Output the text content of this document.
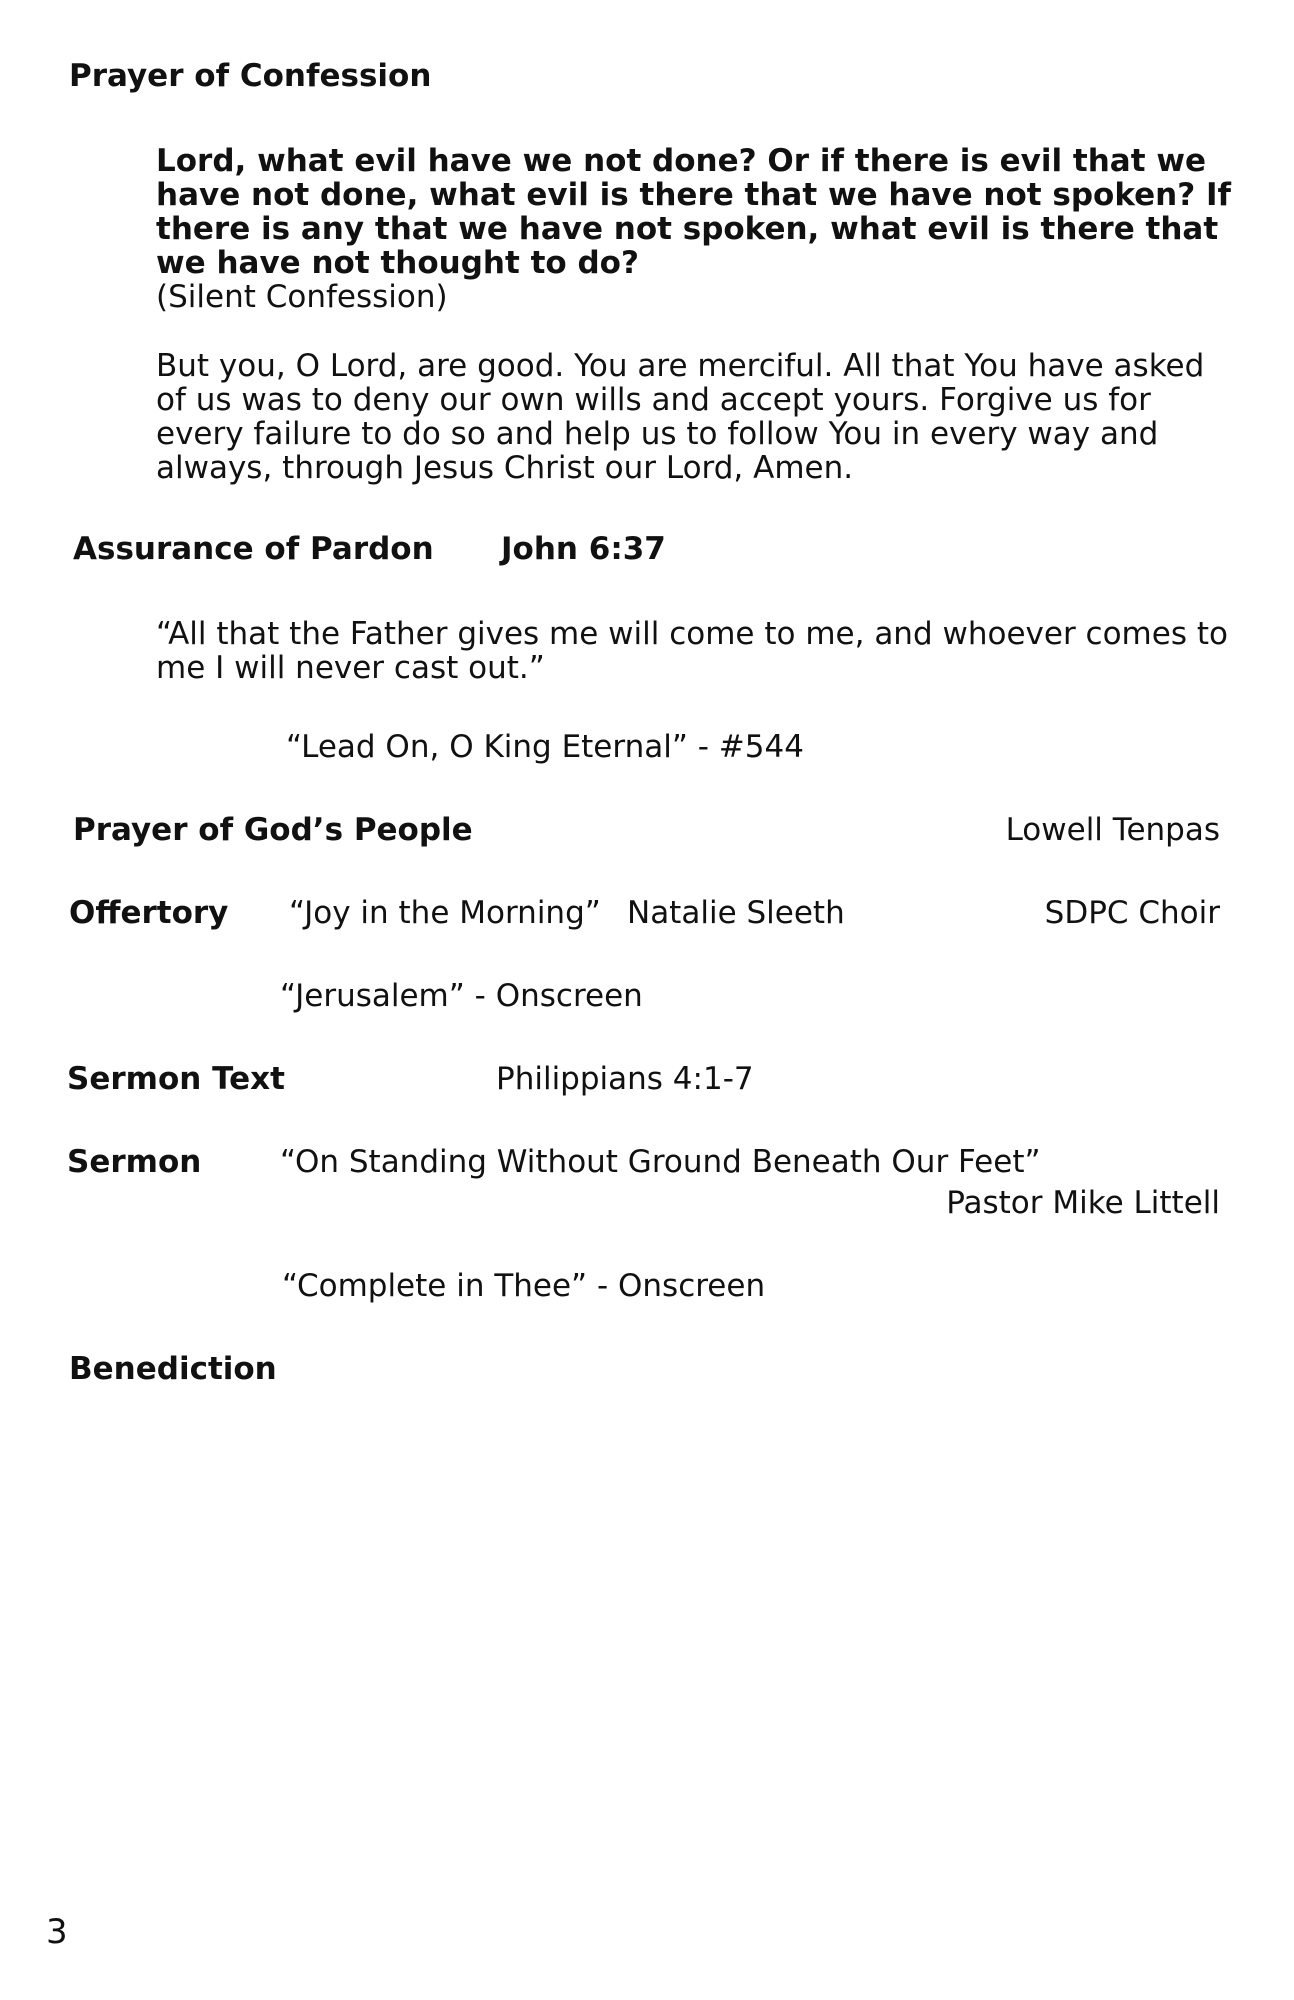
Prayer of Confession
Lord, what evil have we not done? Or if there is evil that we have not done, what evil is there that we have not spoken? If there is any that we have not spoken, what evil is there that we have not thought to do?
(Silent Confession)
But you, O Lord, are good. You are merciful. All that You have asked of us was to deny our own wills and accept yours. Forgive us for every failure to do so and help us to follow You in every way and always, through Jesus Christ our Lord, Amen.
Assurance of Pardon John 6:37
“All that the Father gives me will come to me, and whoever comes to me I will never cast out.”
“Lead On, O King Eternal” - #544
Prayer of God’s People	Lowell Tenpas
Offertory “Joy in the Morning” Natalie Sleeth	SDPC Choir
“Jerusalem” - Onscreen
Sermon Text	Philippians 4:1-7
Sermon	“On Standing Without Ground Beneath Our Feet”
Pastor Mike Littell
“Complete in Thee” - Onscreen
Benediction
3
